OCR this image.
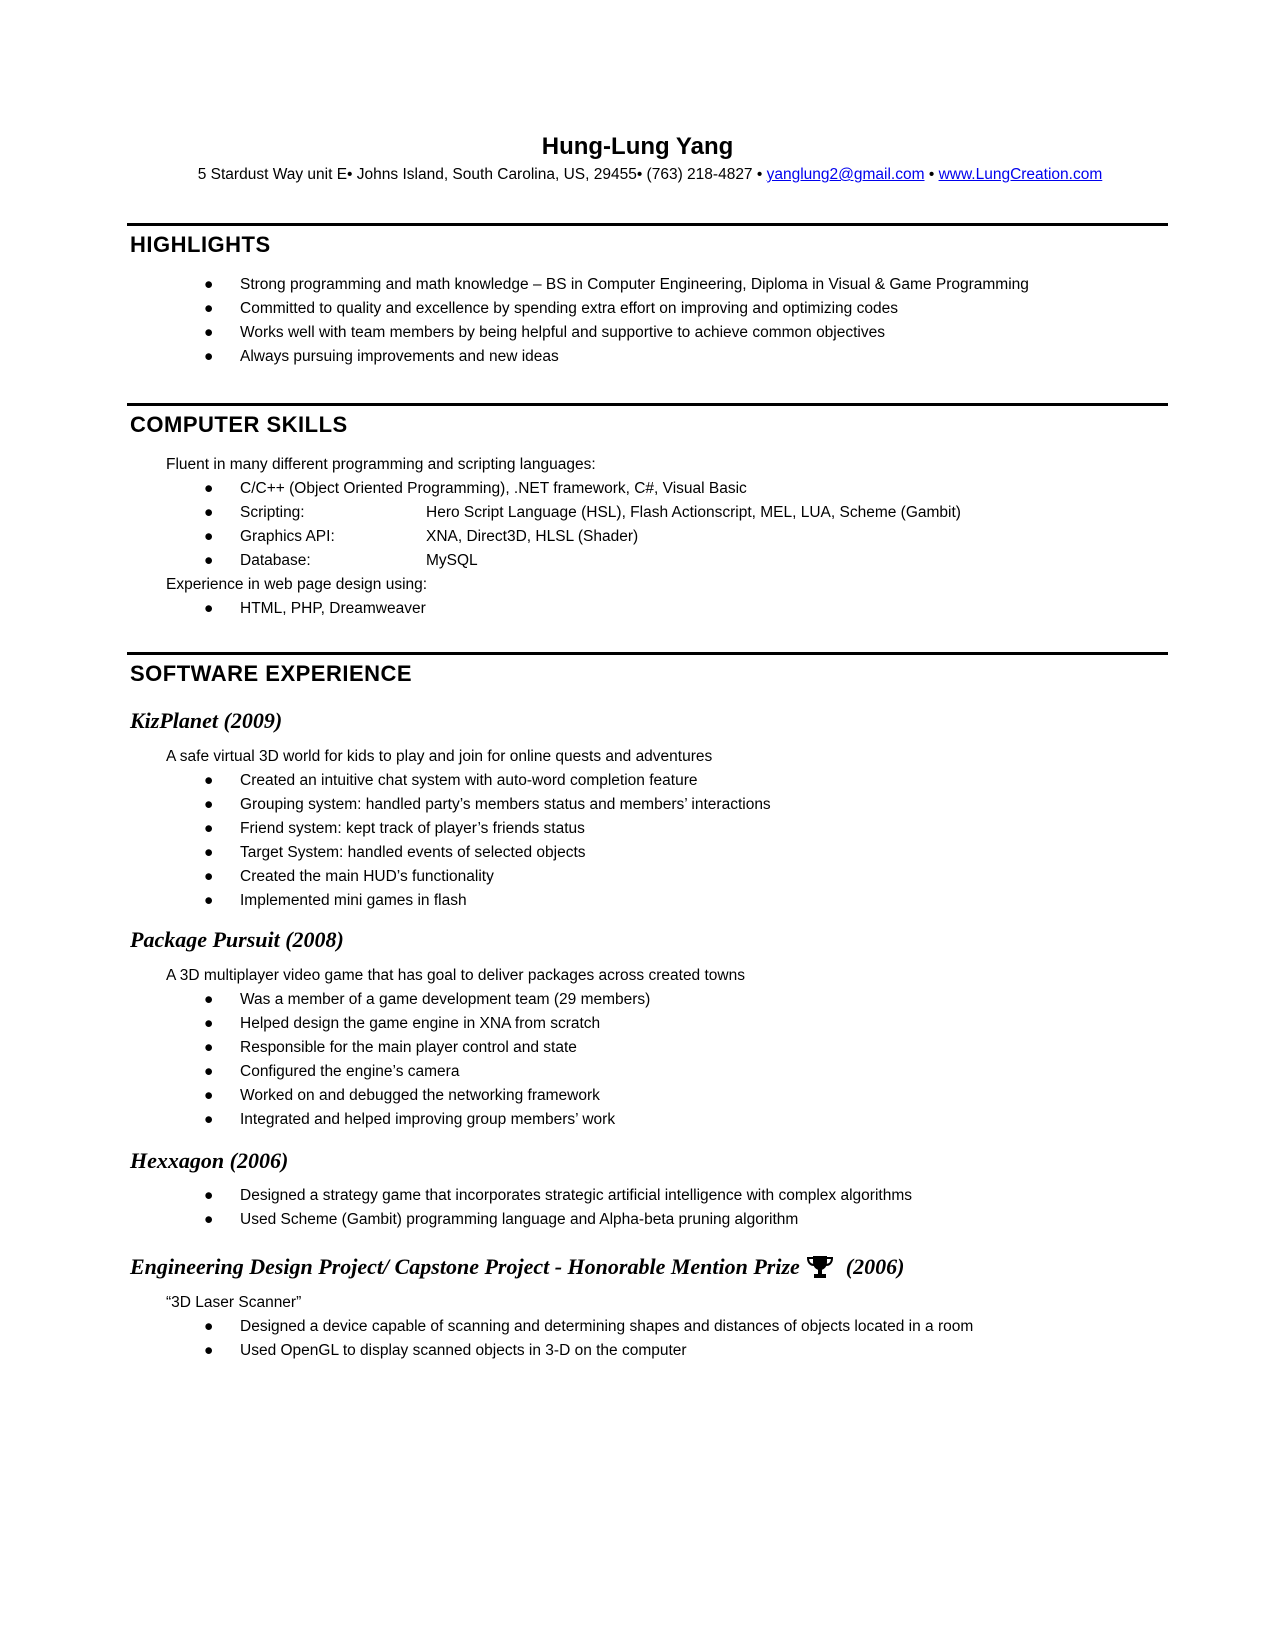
Hung-Lung Yang
5 Stardust Way unit E• Johns Island, South Carolina, US, 29455• (763) 218-4827 • yanglung2@gmail.com • www.LungCreation.com
HIGHLIGHTS
● Strong programming and math knowledge – BS in Computer Engineering, Diploma in Visual & Game Programming
● Committed to quality and excellence by spending extra effort on improving and optimizing codes
● Works well with team members by being helpful and supportive to achieve common objectives
● Always pursuing improvements and new ideas
COMPUTER SKILLS
Fluent in many different programming and scripting languages:
● C/C++ (Object Oriented Programming), .NET framework, C#, Visual Basic
● Scripting:	Hero Script Language (HSL), Flash Actionscript, MEL, LUA, Scheme (Gambit)
● Graphics API:	XNA, Direct3D, HLSL (Shader)
● Database:	MySQL
Experience in web page design using:
● HTML, PHP, Dreamweaver
SOFTWARE EXPERIENCE
KizPlanet (2009)
A safe virtual 3D world for kids to play and join for online quests and adventures
● Created an intuitive chat system with auto-word completion feature
● Grouping system: handled party’s members status and members’ interactions
● Friend system: kept track of player’s friends status
● Target System: handled events of selected objects
● Created the main HUD’s functionality
● Implemented mini games in flash
Package Pursuit (2008)
A 3D multiplayer video game that has goal to deliver packages across created towns
● Was a member of a game development team (29 members)
● Helped design the game engine in XNA from scratch
● Responsible for the main player control and state
● Configured the engine’s camera
● Worked on and debugged the networking framework
● Integrated and helped improving group members’ work
Hexxagon (2006)
● Designed a strategy game that incorporates strategic artificial intelligence with complex algorithms
● Used Scheme (Gambit) programming language and Alpha-beta pruning algorithm
Engineering Design Project/ Capstone Project - Honorable Mention Prize (2006)
“3D Laser Scanner”
● Designed a device capable of scanning and determining shapes and distances of objects located in a room
● Used OpenGL to display scanned objects in 3-D on the computer
